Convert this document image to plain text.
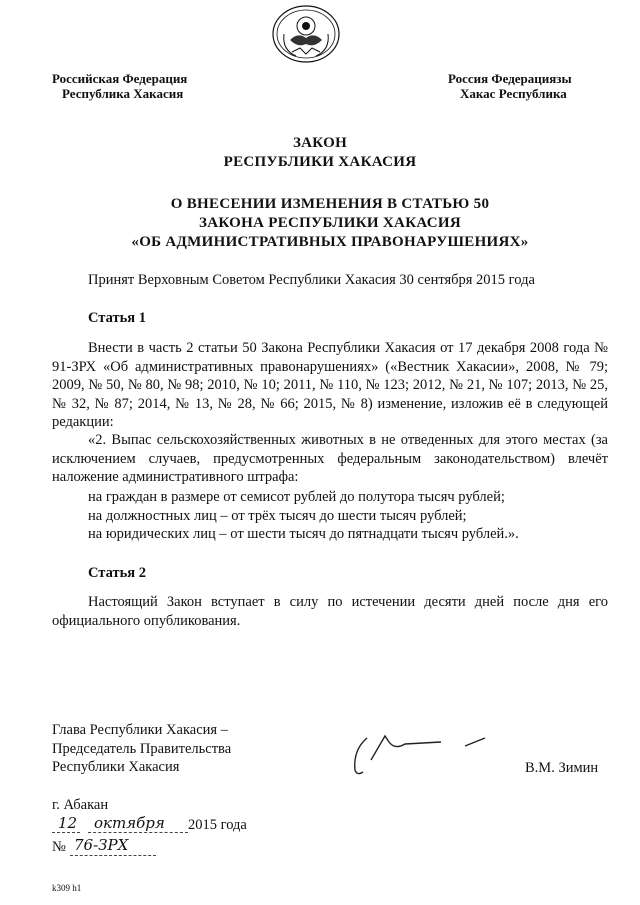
Российская Федерация
Республика Хакасия
Россия Федерациязы
Хакас Республика
ЗАКОН
РЕСПУБЛИКИ ХАКАСИЯ
О ВНЕСЕНИИ ИЗМЕНЕНИЯ В СТАТЬЮ 50
ЗАКОНА РЕСПУБЛИКИ ХАКАСИЯ
«ОБ АДМИНИСТРАТИВНЫХ ПРАВОНАРУШЕНИЯХ»
Принят Верховным Советом Республики Хакасия 30 сентября 2015 года
Статья 1
Внести в часть 2 статьи 50 Закона Республики Хакасия от 17 декабря 2008 года № 91-ЗРХ «Об административных правонарушениях» («Вестник Хакасии», 2008, № 79; 2009, № 50, № 80, № 98; 2010, № 10; 2011, № 110, № 123; 2012, № 21, № 107; 2013, № 25, № 32, № 87; 2014, № 13, № 28, № 66; 2015, № 8) изменение, изложив её в следующей редакции:
«2. Выпас сельскохозяйственных животных в не отведенных для этого местах (за исключением случаев, предусмотренных федеральным законодательством) влечёт наложение административного штрафа:
на граждан в размере от семисот рублей до полутора тысяч рублей;
на должностных лиц – от трёх тысяч до шести тысяч рублей;
на юридических лиц – от шести тысяч до пятнадцати тысяч рублей.».
Статья 2
Настоящий Закон вступает в силу по истечении десяти дней после дня его официального опубликования.
Глава Республики Хакасия –
Председатель Правительства
Республики Хакасия	В.М. Зимин
г. Абакан
12 октября 2015 года
№ 76-ЗРХ
k309 h1
